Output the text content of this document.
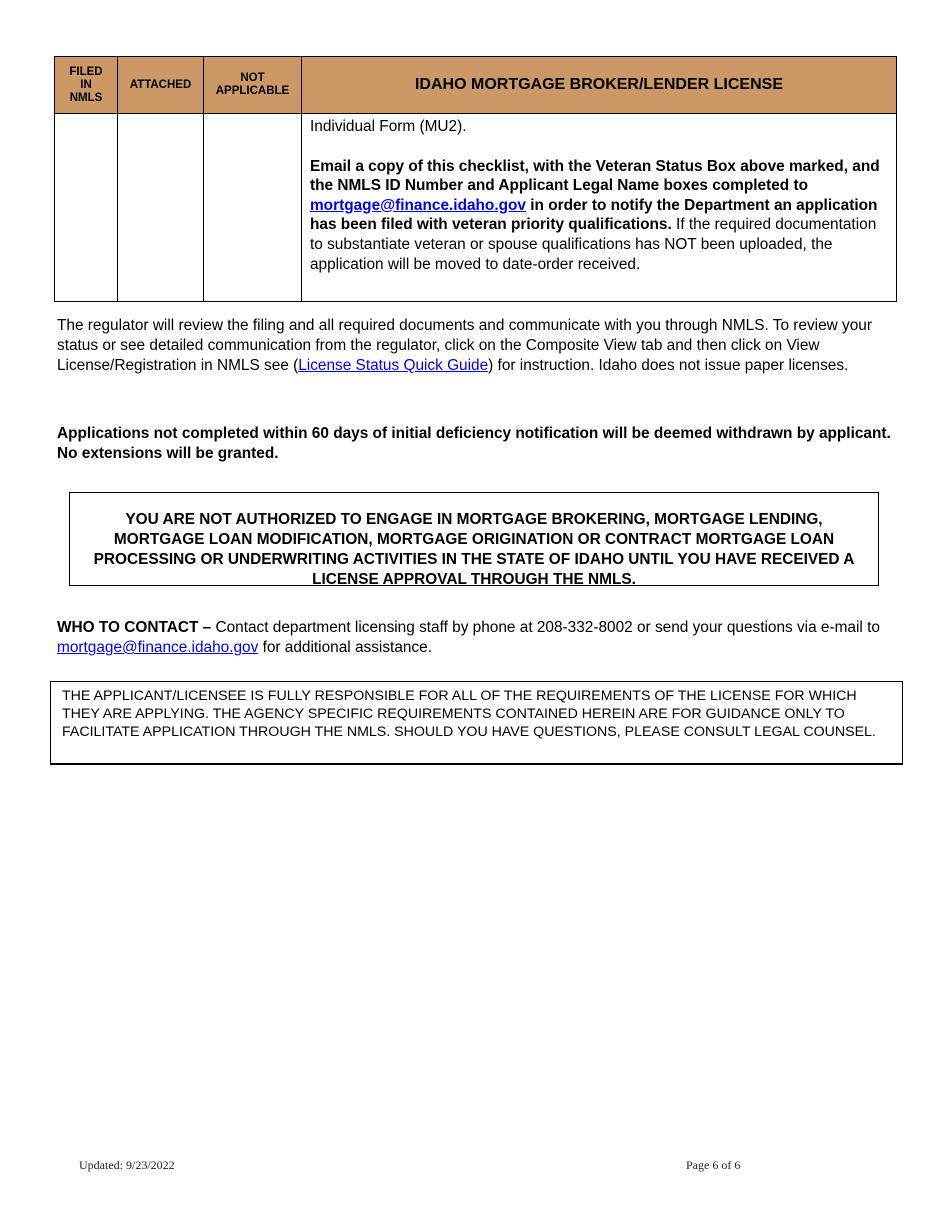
FILED IN NMLS	ATTACHED	NOT APPLICABLE	IDAHO MORTGAGE BROKER/LENDER LICENSE

			Individual Form (MU2).

Email a copy of this checklist, with the Veteran Status Box above marked, and the NMLS ID Number and Applicant Legal Name boxes completed to mortgage@finance.idaho.gov in order to notify the Department an application has been filed with veteran priority qualifications. If the required documentation to substantiate veteran or spouse qualifications has NOT been uploaded, the application will be moved to date-order received.

The regulator will review the filing and all required documents and communicate with you through NMLS. To review your status or see detailed communication from the regulator, click on the Composite View tab and then click on View License/Registration in NMLS see (License Status Quick Guide) for instruction. Idaho does not issue paper licenses.

Applications not completed within 60 days of initial deficiency notification will be deemed withdrawn by applicant. No extensions will be granted.

YOU ARE NOT AUTHORIZED TO ENGAGE IN MORTGAGE BROKERING, MORTGAGE LENDING, MORTGAGE LOAN MODIFICATION, MORTGAGE ORIGINATION OR CONTRACT MORTGAGE LOAN PROCESSING OR UNDERWRITING ACTIVITIES IN THE STATE OF IDAHO UNTIL YOU HAVE RECEIVED A LICENSE APPROVAL THROUGH THE NMLS.

WHO TO CONTACT – Contact department licensing staff by phone at 208-332-8002 or send your questions via e-mail to mortgage@finance.idaho.gov for additional assistance.

THE APPLICANT/LICENSEE IS FULLY RESPONSIBLE FOR ALL OF THE REQUIREMENTS OF THE LICENSE FOR WHICH THEY ARE APPLYING. THE AGENCY SPECIFIC REQUIREMENTS CONTAINED HEREIN ARE FOR GUIDANCE ONLY TO FACILITATE APPLICATION THROUGH THE NMLS. SHOULD YOU HAVE QUESTIONS, PLEASE CONSULT LEGAL COUNSEL.
Updated: 9/23/2022	Page 6 of 6
